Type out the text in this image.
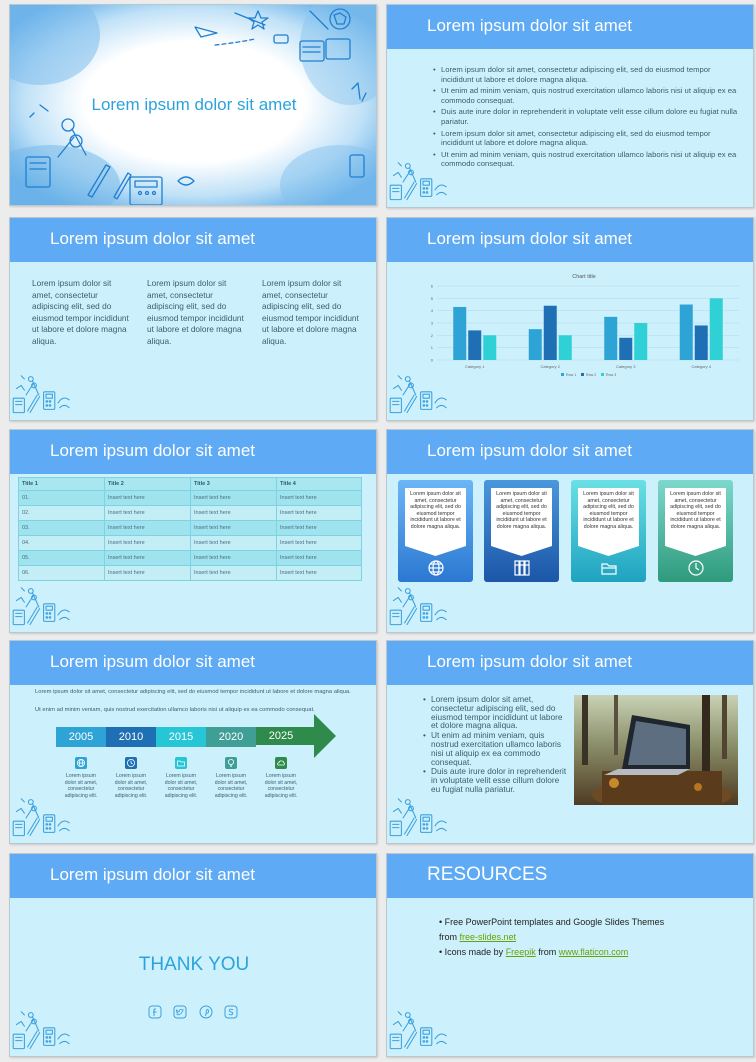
Lorem ipsum dolor sit amet
Lorem ipsum dolor sit amet
• Lorem ipsum dolor sit amet, consectetur adipiscing elit, sed do eiusmod tempor incididunt ut labore et dolore magna aliqua.
• Ut enim ad minim veniam, quis nostrud exercitation ullamco laboris nisi ut aliquip ex ea commodo consequat.
• Duis aute irure dolor in reprehenderit in voluptate velit esse cillum dolore eu fugiat nulla pariatur.
• Lorem ipsum dolor sit amet, consectetur adipiscing elit, sed do eiusmod tempor incididunt ut labore et dolore magna aliqua.
• Ut enim ad minim veniam, quis nostrud exercitation ullamco laboris nisi ut aliquip ex ea commodo consequat.
Lorem ipsum dolor sit amet
Lorem ipsum dolor sit amet, consectetur adipiscing elit, sed do eiusmod tempor incididunt ut labore et dolore magna aliqua.
Lorem ipsum dolor sit amet, consectetur adipiscing elit, sed do eiusmod tempor incididunt ut labore et dolore magna aliqua.
Lorem ipsum dolor sit amet, consectetur adipiscing elit, sed do eiusmod tempor incididunt ut labore et dolore magna aliqua.
Lorem ipsum dolor sit amet
Chart title
Category 1	Category 2	Category 3	Category 4
0
1
2
3
4
5
6
Row 1	Row 2	Row 3
Lorem ipsum dolor sit amet
Title 1	Title 2	Title 3	Title 4
01.	Insert text here	Insert text here	Insert text here
02.	Insert text here	Insert text here	Insert text here
03.	Insert text here	Insert text here	Insert text here
04.	Insert text here	Insert text here	Insert text here
05.	Insert text here	Insert text here	Insert text here
06.	Insert text here	Insert text here	Insert text here
Lorem ipsum dolor sit amet
Lorem ipsum dolor sit amet, consectetur adipiscing elit, sed do eiusmod tempor incididunt ut labore et dolore magna aliqua.
Lorem ipsum dolor sit amet, consectetur adipiscing elit, sed do eiusmod tempor incididunt ut labore et dolore magna aliqua.
Lorem ipsum dolor sit amet, consectetur adipiscing elit, sed do eiusmod tempor incididunt ut labore et dolore magna aliqua.
Lorem ipsum dolor sit amet, consectetur adipiscing elit, sed do eiusmod tempor incididunt ut labore et dolore magna aliqua.
Lorem ipsum dolor sit amet
Lorem ipsum dolor sit amet, consectetur adipiscing elit, sed do eiusmod tempor incididunt ut labore et dolore magna aliqua.
Ut enim ad minim veniam, quis nostrud exercitation ullamco laboris nisi ut aliquip ex ea commodo consequat.
2005	2010	2015	2020	2025
Lorem ipsum dolor sit amet, consectetur adipiscing elit.
Lorem ipsum dolor sit amet, consectetur adipiscing elit.
Lorem ipsum dolor sit amet, consectetur adipiscing elit.
Lorem ipsum dolor sit amet, consectetur adipiscing elit.
Lorem ipsum dolor sit amet, consectetur adipiscing elit.
Lorem ipsum dolor sit amet
• Lorem ipsum dolor sit amet, consectetur adipiscing elit, sed do eiusmod tempor incididunt ut labore et dolore magna aliqua.
• Ut enim ad minim veniam, quis nostrud exercitation ullamco laboris nisi ut aliquip ex ea commodo consequat.
• Duis aute irure dolor in reprehenderit in voluptate velit esse cillum dolore eu fugiat nulla pariatur.
Lorem ipsum dolor sit amet
THANK YOU
RESOURCES
• Free PowerPoint templates and Google Slides Themes
from free-slides.net
• Icons made by Freepik from www.flaticon.com
